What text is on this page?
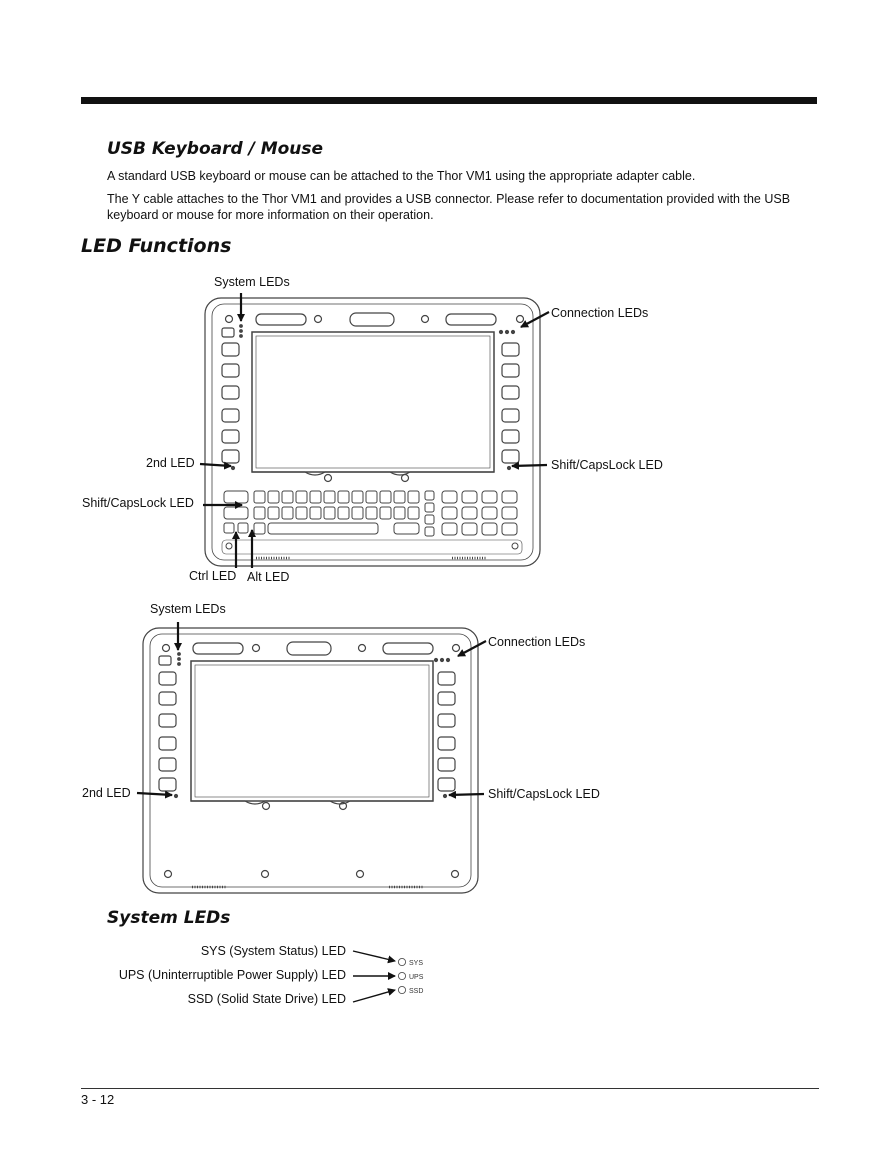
USB Keyboard / Mouse
A standard USB keyboard or mouse can be attached to the Thor VM1 using the appropriate adapter cable.
The Y cable attaches to the Thor VM1 and provides a USB connector. Please refer to documentation provided with the USB keyboard or mouse for more information on their operation.
LED Functions
System LEDs
Connection LEDs
2nd LED	Shift/CapsLock LED
Shift/CapsLock LED
Ctrl LED Alt LED
System LEDs
Connection LEDs
2nd LED	Shift/CapsLock LED
System LEDs
SYS (System Status) LED
UPS (Uninterruptible Power Supply) LED
SSD (Solid State Drive) LED
SYS
UPS
SSD
3 - 12
